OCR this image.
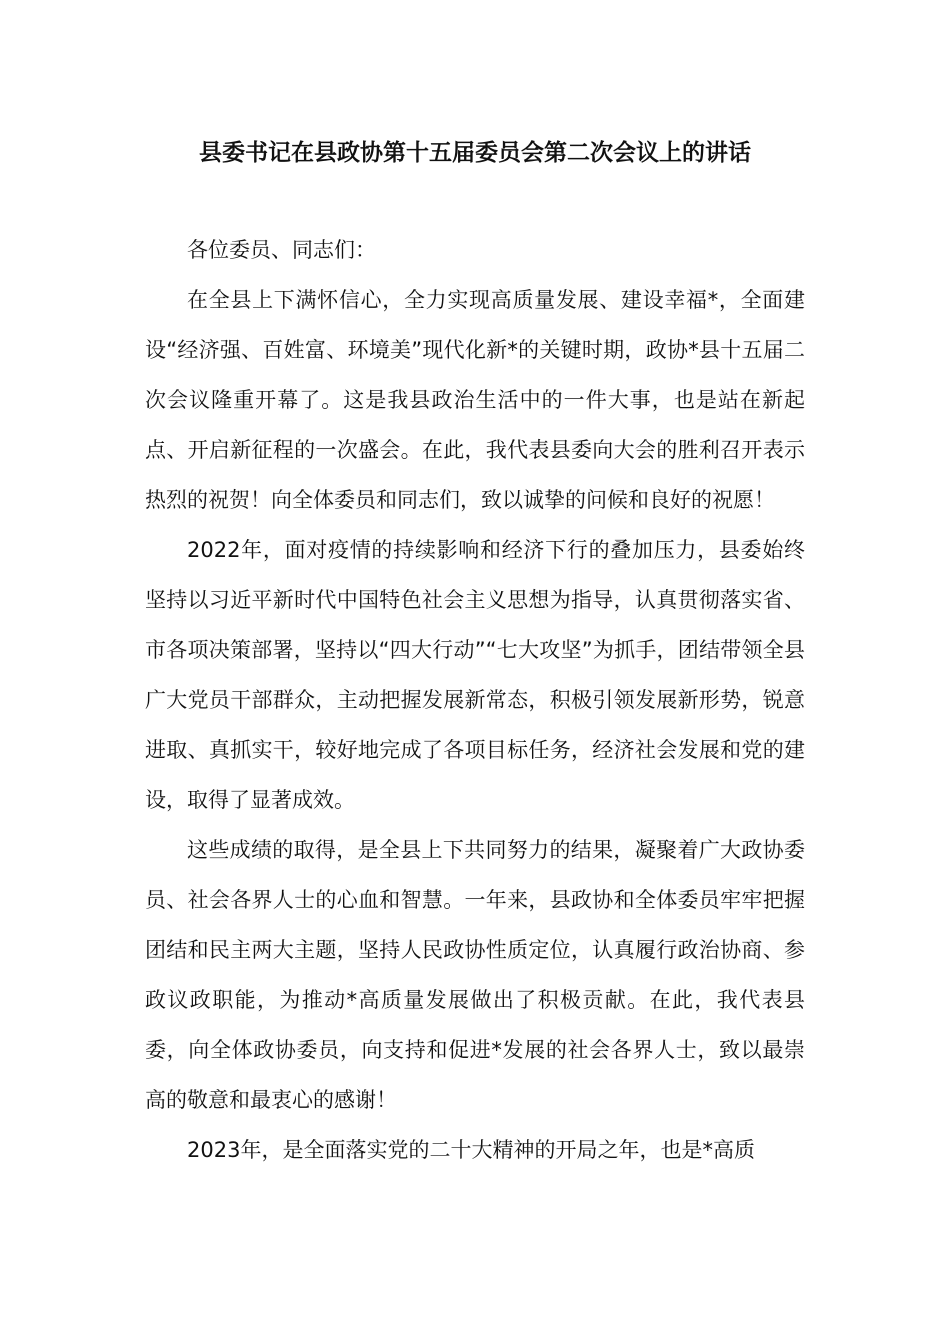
县委书记在县政协第十五届委员会第二次会议上的讲话

各位委员、同志们：

在全县上下满怀信心，全力实现高质量发展、建设幸福*，全面建设“经济强、百姓富、环境美”现代化新*的关键时期，政协*县十五届二次会议隆重开幕了。这是我县政治生活中的一件大事，也是站在新起点、开启新征程的一次盛会。在此，我代表县委向大会的胜利召开表示热烈的祝贺！向全体委员和同志们，致以诚挚的问候和良好的祝愿！

2022年，面对疫情的持续影响和经济下行的叠加压力，县委始终坚持以习近平新时代中国特色社会主义思想为指导，认真贯彻落实省、市各项决策部署，坚持以“四大行动”“七大攻坚”为抓手，团结带领全县广大党员干部群众，主动把握发展新常态，积极引领发展新形势，锐意进取、真抓实干，较好地完成了各项目标任务，经济社会发展和党的建设，取得了显著成效。

这些成绩的取得，是全县上下共同努力的结果，凝聚着广大政协委员、社会各界人士的心血和智慧。一年来，县政协和全体委员牢牢把握团结和民主两大主题，坚持人民政协性质定位，认真履行政治协商、参政议政职能，为推动*高质量发展做出了积极贡献。在此，我代表县委，向全体政协委员，向支持和促进*发展的社会各界人士，致以最崇高的敬意和最衷心的感谢！

2023年，是全面落实党的二十大精神的开局之年，也是*高质
